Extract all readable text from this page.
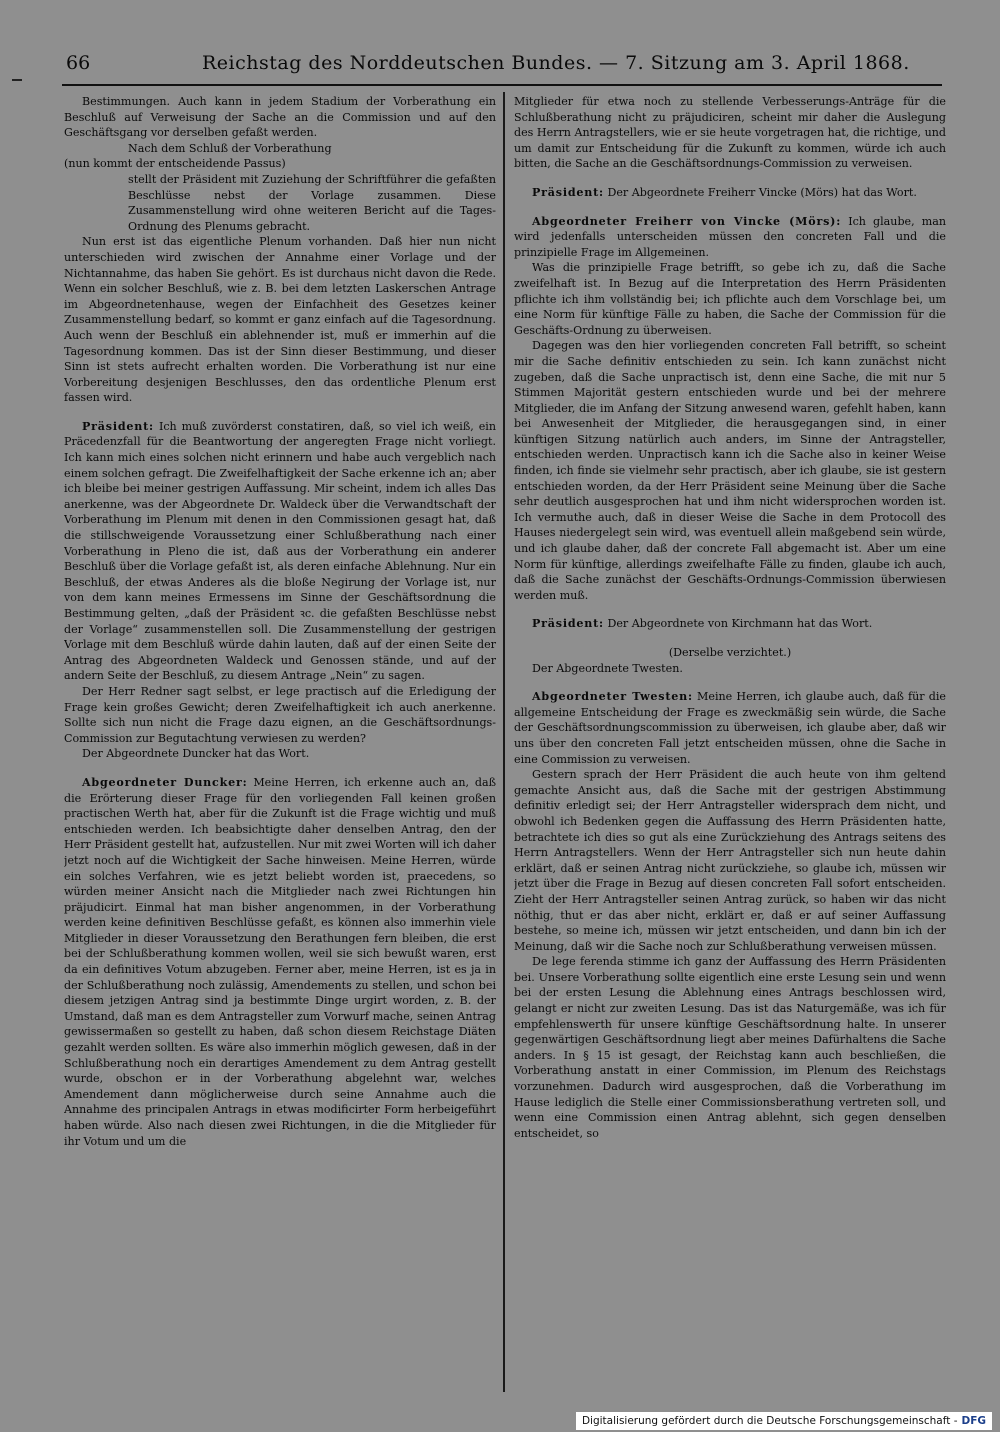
66	Reichstag des Norddeutschen Bundes. — 7. Sitzung am 3. April 1868.

Bestimmungen. Auch kann in jedem Stadium der Vorberathung ein Beschluß auf Verweisung der Sache an die Commission und auf den Geschäftsgang vor derselben gefaßt werden.

Nach dem Schluß der Vorberathung

(nun kommt der entscheidende Passus)

stellt der Präsident mit Zuziehung der Schriftführer die gefaßten Beschlüsse nebst der Vorlage zusammen. Diese Zusammenstellung wird ohne weiteren Bericht auf die Tages-Ordnung des Plenums gebracht.

Nun erst ist das eigentliche Plenum vorhanden. Daß hier nun nicht unterschieden wird zwischen der Annahme einer Vorlage und der Nichtannahme, das haben Sie gehört. Es ist durchaus nicht davon die Rede. Wenn ein solcher Beschluß, wie z. B. bei dem letzten Laskerschen Antrage im Abgeordnetenhause, wegen der Einfachheit des Gesetzes keiner Zusammenstellung bedarf, so kommt er ganz einfach auf die Tagesordnung. Auch wenn der Beschluß ein ablehnender ist, muß er immerhin auf die Tagesordnung kommen. Das ist der Sinn dieser Bestimmung, und dieser Sinn ist stets aufrecht erhalten worden. Die Vorberathung ist nur eine Vorbereitung desjenigen Beschlusses, den das ordentliche Plenum erst fassen wird.

Präsident: Ich muß zuvörderst constatiren, daß, so viel ich weiß, ein Präcedenzfall für die Beantwortung der angeregten Frage nicht vorliegt. Ich kann mich eines solchen nicht erinnern und habe auch vergeblich nach einem solchen gefragt. Die Zweifelhaftigkeit der Sache erkenne ich an; aber ich bleibe bei meiner gestrigen Auffassung. Mir scheint, indem ich alles Das anerkenne, was der Abgeordnete Dr. Waldeck über die Verwandtschaft der Vorberathung im Plenum mit denen in den Commissionen gesagt hat, daß die stillschweigende Voraussetzung einer Schlußberathung nach einer Vorberathung in Pleno die ist, daß aus der Vorberathung ein anderer Beschluß über die Vorlage gefaßt ist, als deren einfache Ablehnung. Nur ein Beschluß, der etwas Anderes als die bloße Negirung der Vorlage ist, nur von dem kann meines Ermessens im Sinne der Geschäftsordnung die Bestimmung gelten, „daß der Präsident ꝛc. die gefaßten Beschlüsse nebst der Vorlage“ zusammenstellen soll. Die Zusammenstellung der gestrigen Vorlage mit dem Beschluß würde dahin lauten, daß auf der einen Seite der Antrag des Abgeordneten Waldeck und Genossen stände, und auf der andern Seite der Beschluß, zu diesem Antrage „Nein“ zu sagen.

Der Herr Redner sagt selbst, er lege practisch auf die Erledigung der Frage kein großes Gewicht; deren Zweifelhaftigkeit ich auch anerkenne. Sollte sich nun nicht die Frage dazu eignen, an die Geschäftsordnungs-Commission zur Begutachtung verwiesen zu werden?

Der Abgeordnete Duncker hat das Wort.

Abgeordneter Duncker: Meine Herren, ich erkenne auch an, daß die Erörterung dieser Frage für den vorliegenden Fall keinen großen practischen Werth hat, aber für die Zukunft ist die Frage wichtig und muß entschieden werden. Ich beabsichtigte daher denselben Antrag, den der Herr Präsident gestellt hat, aufzustellen. Nur mit zwei Worten will ich daher jetzt noch auf die Wichtigkeit der Sache hinweisen. Meine Herren, würde ein solches Verfahren, wie es jetzt beliebt worden ist, praecedens, so würden meiner Ansicht nach die Mitglieder nach zwei Richtungen hin präjudicirt. Einmal hat man bisher angenommen, in der Vorberathung werden keine definitiven Beschlüsse gefaßt, es können also immerhin viele Mitglieder in dieser Voraussetzung den Berathungen fern bleiben, die erst bei der Schlußberathung kommen wollen, weil sie sich bewußt waren, erst da ein definitives Votum abzugeben. Ferner aber, meine Herren, ist es ja in der Schlußberathung noch zulässig, Amendements zu stellen, und schon bei diesem jetzigen Antrag sind ja bestimmte Dinge urgirt worden, z. B. der Umstand, daß man es dem Antragsteller zum Vorwurf mache, seinen Antrag gewissermaßen so gestellt zu haben, daß schon diesem Reichstage Diäten gezahlt werden sollten. Es wäre also immerhin möglich gewesen, daß in der Schlußberathung noch ein derartiges Amendement zu dem Antrag gestellt wurde, obschon er in der Vorberathung abgelehnt war, welches Amendement dann möglicherweise durch seine Annahme auch die Annahme des principalen Antrags in etwas modificirter Form herbeigeführt haben würde. Also nach diesen zwei Richtungen, in die die Mitglieder für ihr Votum und um die

Mitglieder für etwa noch zu stellende Verbesserungs-Anträge für die Schlußberathung nicht zu präjudiciren, scheint mir daher die Auslegung des Herrn Antragstellers, wie er sie heute vorgetragen hat, die richtige, und um damit zur Entscheidung für die Zukunft zu kommen, würde ich auch bitten, die Sache an die Geschäftsordnungs-Commission zu verweisen.

Präsident: Der Abgeordnete Freiherr Vincke (Mörs) hat das Wort.

Abgeordneter Freiherr von Vincke (Mörs): Ich glaube, man wird jedenfalls unterscheiden müssen den concreten Fall und die prinzipielle Frage im Allgemeinen.

Was die prinzipielle Frage betrifft, so gebe ich zu, daß die Sache zweifelhaft ist. In Bezug auf die Interpretation des Herrn Präsidenten pflichte ich ihm vollständig bei; ich pflichte auch dem Vorschlage bei, um eine Norm für künftige Fälle zu haben, die Sache der Commission für die Geschäfts-Ordnung zu überweisen.

Dagegen was den hier vorliegenden concreten Fall betrifft, so scheint mir die Sache definitiv entschieden zu sein. Ich kann zunächst nicht zugeben, daß die Sache unpractisch ist, denn eine Sache, die mit nur 5 Stimmen Majorität gestern entschieden wurde und bei der mehrere Mitglieder, die im Anfang der Sitzung anwesend waren, gefehlt haben, kann bei Anwesenheit der Mitglieder, die herausgegangen sind, in einer künftigen Sitzung natürlich auch anders, im Sinne der Antragsteller, entschieden werden. Unpractisch kann ich die Sache also in keiner Weise finden, ich finde sie vielmehr sehr practisch, aber ich glaube, sie ist gestern entschieden worden, da der Herr Präsident seine Meinung über die Sache sehr deutlich ausgesprochen hat und ihm nicht widersprochen worden ist. Ich vermuthe auch, daß in dieser Weise die Sache in dem Protocoll des Hauses niedergelegt sein wird, was eventuell allein maßgebend sein würde, und ich glaube daher, daß der concrete Fall abgemacht ist. Aber um eine Norm für künftige, allerdings zweifelhafte Fälle zu finden, glaube ich auch, daß die Sache zunächst der Geschäfts-Ordnungs-Commission überwiesen werden muß.

Präsident: Der Abgeordnete von Kirchmann hat das Wort.

(Derselbe verzichtet.)

Der Abgeordnete Twesten.

Abgeordneter Twesten: Meine Herren, ich glaube auch, daß für die allgemeine Entscheidung der Frage es zweckmäßig sein würde, die Sache der Geschäftsordnungscommission zu überweisen, ich glaube aber, daß wir uns über den concreten Fall jetzt entscheiden müssen, ohne die Sache in eine Commission zu verweisen.

Gestern sprach der Herr Präsident die auch heute von ihm geltend gemachte Ansicht aus, daß die Sache mit der gestrigen Abstimmung definitiv erledigt sei; der Herr Antragsteller widersprach dem nicht, und obwohl ich Bedenken gegen die Auffassung des Herrn Präsidenten hatte, betrachtete ich dies so gut als eine Zurückziehung des Antrags seitens des Herrn Antragstellers. Wenn der Herr Antragsteller sich nun heute dahin erklärt, daß er seinen Antrag nicht zurückziehe, so glaube ich, müssen wir jetzt über die Frage in Bezug auf diesen concreten Fall sofort entscheiden. Zieht der Herr Antragsteller seinen Antrag zurück, so haben wir das nicht nöthig, thut er das aber nicht, erklärt er, daß er auf seiner Auffassung bestehe, so meine ich, müssen wir jetzt entscheiden, und dann bin ich der Meinung, daß wir die Sache noch zur Schlußberathung verweisen müssen.

De lege ferenda stimme ich ganz der Auffassung des Herrn Präsidenten bei. Unsere Vorberathung sollte eigentlich eine erste Lesung sein und wenn bei der ersten Lesung die Ablehnung eines Antrags beschlossen wird, gelangt er nicht zur zweiten Lesung. Das ist das Naturgemäße, was ich für empfehlenswerth für unsere künftige Geschäftsordnung halte. In unserer gegenwärtigen Geschäftsordnung liegt aber meines Dafürhaltens die Sache anders. In § 15 ist gesagt, der Reichstag kann auch beschließen, die Vorberathung anstatt in einer Commission, im Plenum des Reichstags vorzunehmen. Dadurch wird ausgesprochen, daß die Vorberathung im Hause lediglich die Stelle einer Commissionsberathung vertreten soll, und wenn eine Commission einen Antrag ablehnt, sich gegen denselben entscheidet, so

Digitalisierung gefördert durch die Deutsche Forschungsgemeinschaft - DFG
